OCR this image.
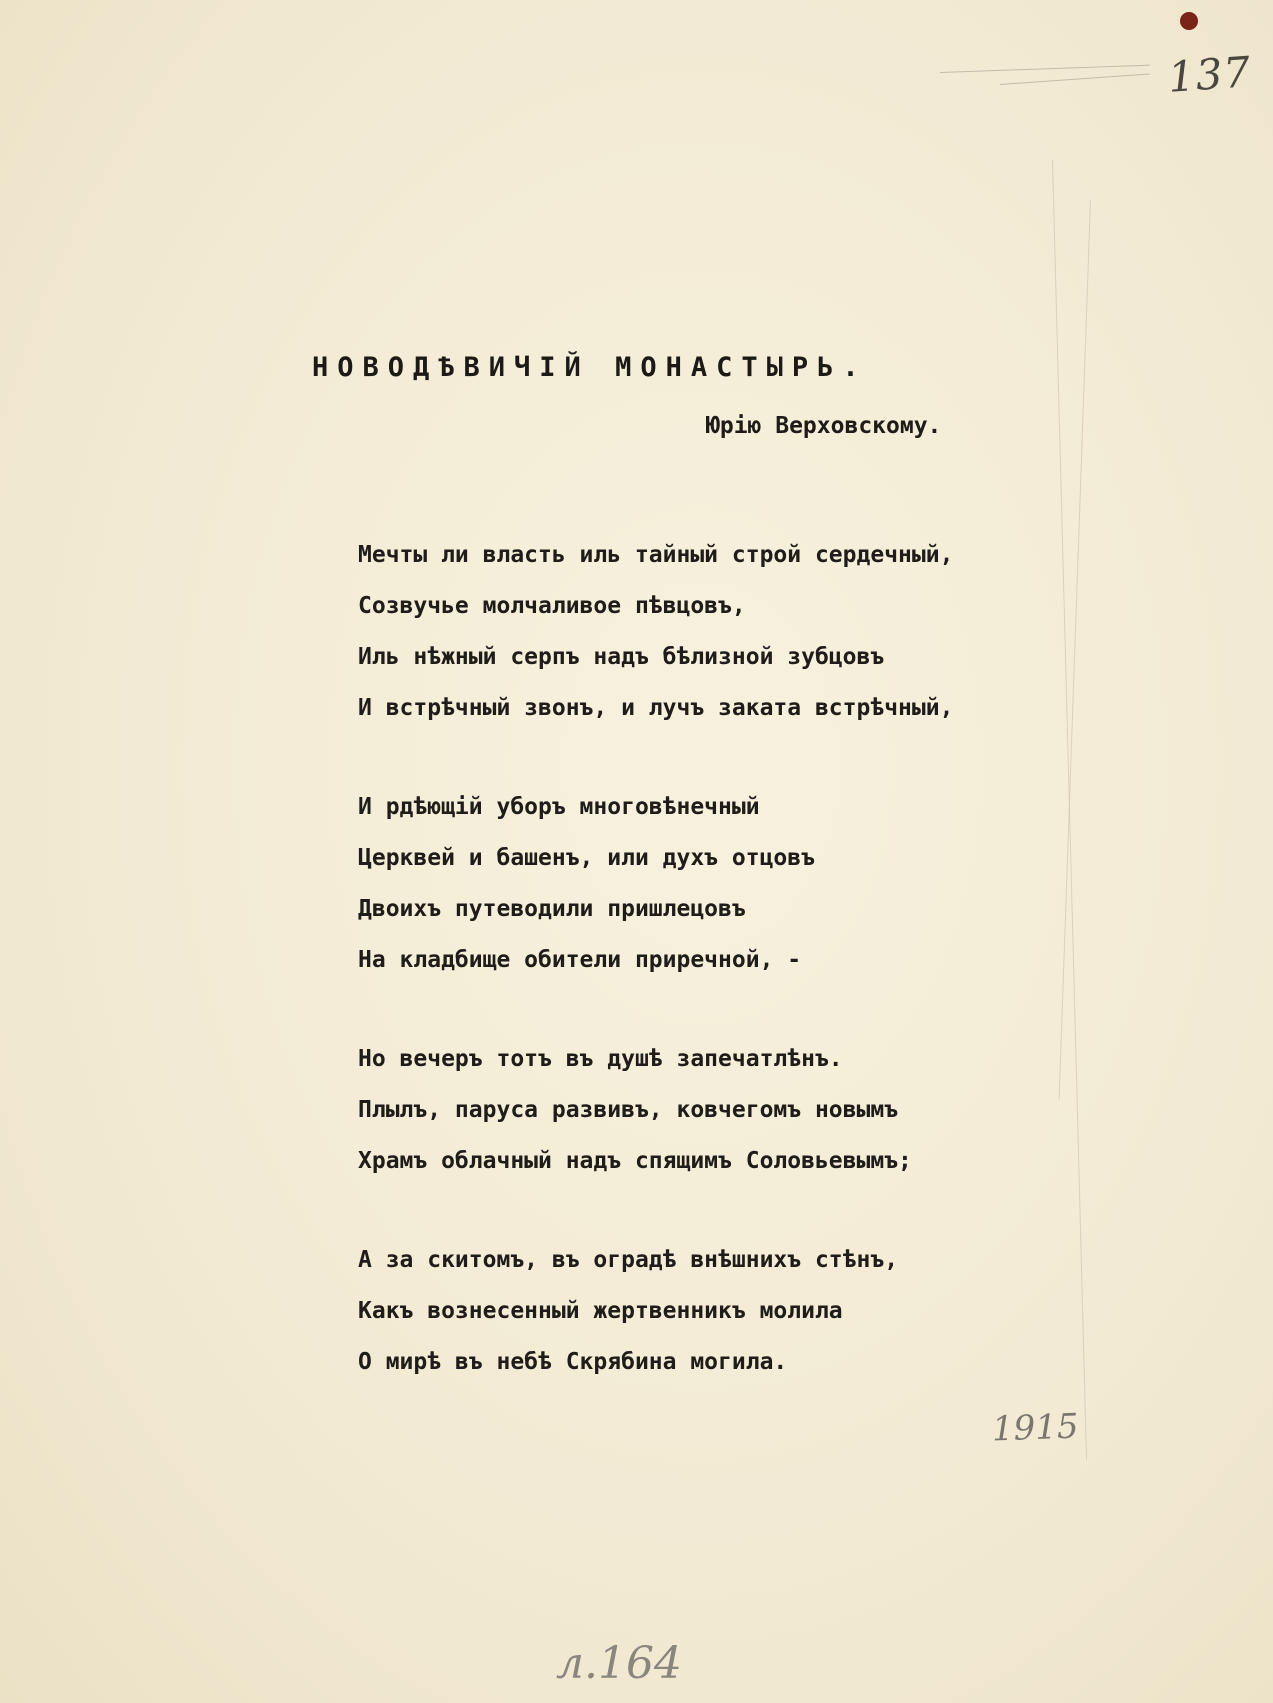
137
НОВОДѢВИЧІЙ МОНАСТЫРЬ.
Юрію Верховскому.
Мечты ли власть иль тайный строй сердечный,
Созвучье молчаливое пѣвцовъ,
Иль нѣжный серпъ надъ бѣлизной зубцовъ
И встрѣчный звонъ, и лучъ заката встрѣчный,
И рдѣющій уборъ многовѣнечный
Церквей и башенъ, или духъ отцовъ
Двоихъ путеводили пришлецовъ
На кладбище обители приречной, -
Но вечеръ тотъ въ душѣ запечатлѣнъ.
Плылъ, паруса развивъ, ковчегомъ новымъ
Храмъ облачный надъ спящимъ Соловьевымъ;
А за скитомъ, въ оградѣ внѣшнихъ стѣнъ,
Какъ вознесенный жертвенникъ молила
О мирѣ въ небѣ Скрябина могила.
1915
л.164
